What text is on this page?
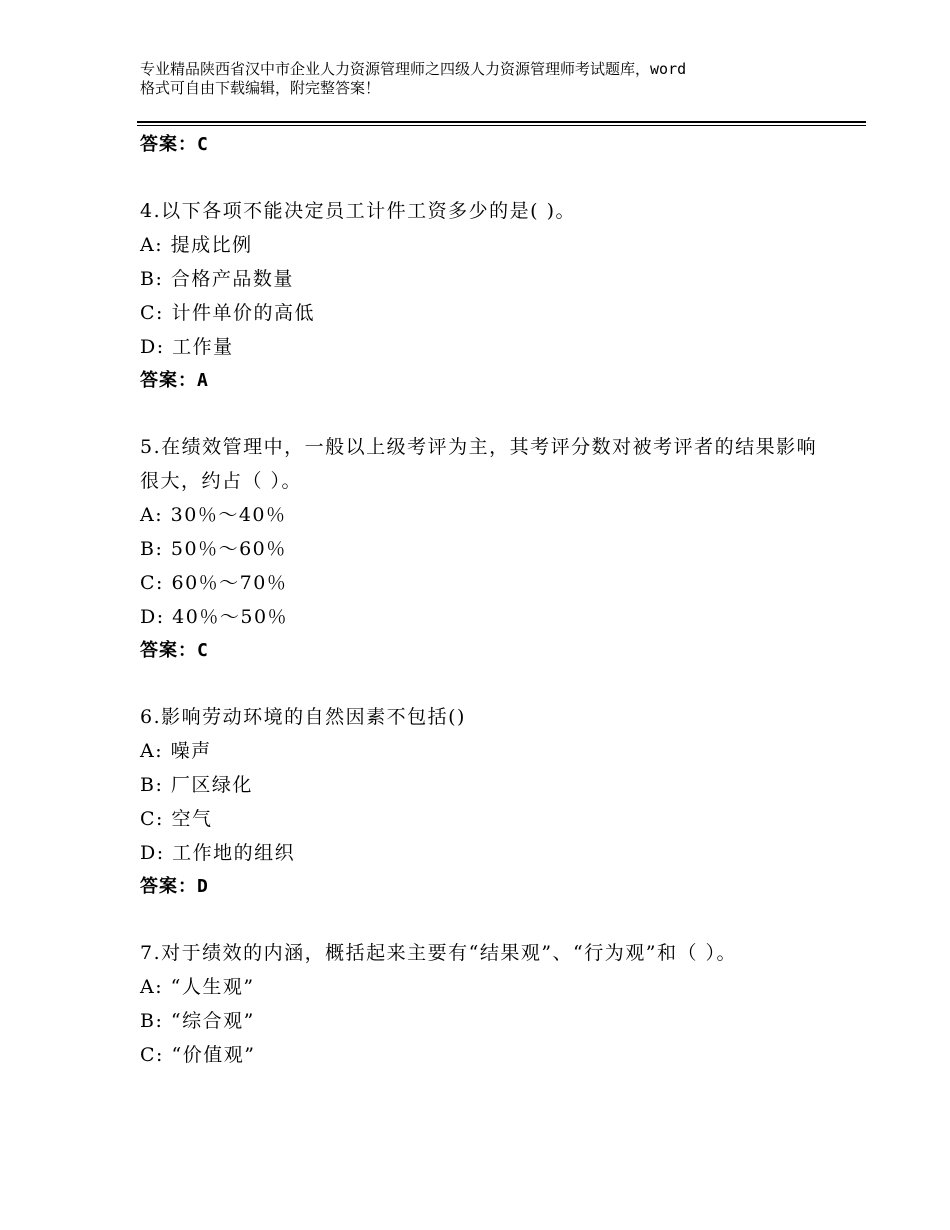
专业精品陕西省汉中市企业人力资源管理师之四级人力资源管理师考试题库，word
格式可自由下载编辑，附完整答案！
答案：C
4.以下各项不能决定员工计件工资多少的是( )。
A: 提成比例
B: 合格产品数量
C: 计件单价的高低
D: 工作量
答案：A
5.在绩效管理中，一般以上级考评为主，其考评分数对被考评者的结果影响很大，约占（ ）。
A: 30％～40％
B: 50％～60％
C: 60％～70％
D: 40％～50％
答案：C
6.影响劳动环境的自然因素不包括()
A: 噪声
B: 厂区绿化
C: 空气
D: 工作地的组织
答案：D
7.对于绩效的内涵，概括起来主要有“结果观”、“行为观”和（ ）。
A: “人生观”
B: “综合观”
C: “价值观”
